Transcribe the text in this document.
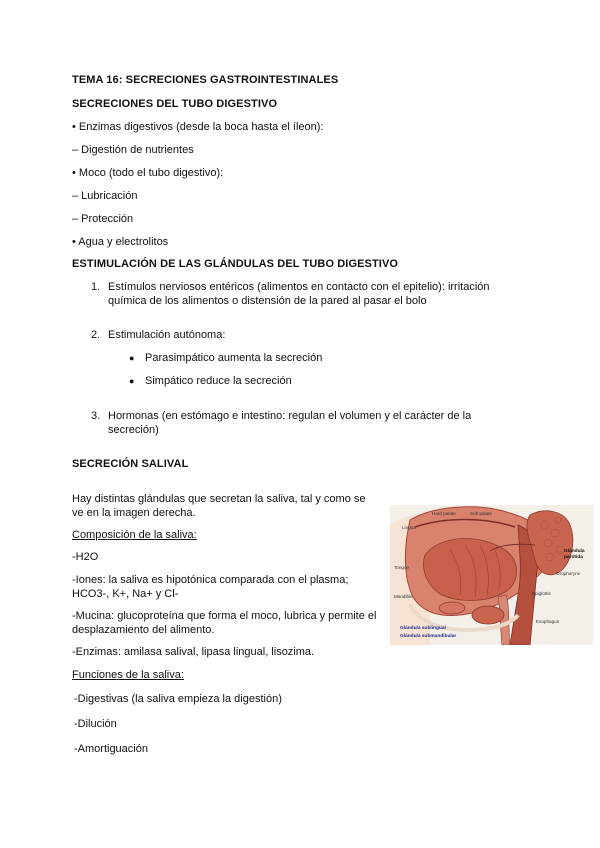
TEMA 16: SECRECIONES GASTROINTESTINALES
SECRECIONES DEL TUBO DIGESTIVO
• Enzimas digestivos (desde la boca hasta el íleon):
– Digestión de nutrientes
• Moco (todo el tubo digestivo):
– Lubricación
– Protección
• Agua y electrolitos
ESTIMULACIÓN DE LAS GLÁNDULAS DEL TUBO DIGESTIVO
1. Estímulos nerviosos entéricos (alimentos en contacto con el epitelio): irritación
química de los alimentos o distensión de la pared al pasar el bolo
2. Estimulación autónoma:
● Parasimpático aumenta la secreción
● Simpático reduce la secreción
3. Hormonas (en estómago e intestino: regulan el volumen y el carácter de la
secreción)
SECRECIÓN SALIVAL
Hay distintas glándulas que secretan la saliva, tal y como se
ve en la imagen derecha.
Composición de la saliva:
-H2O
-Iones: la saliva es hipotónica comparada con el plasma;
HCO3-, K+, Na+ y Cl-
-Mucina: glucoproteína que forma el moco, lubrica y permite el
desplazamiento del alimento.
-Enzimas: amilasa salival, lipasa lingual, lisozima.
Funciones de la saliva:
-Digestivas (la saliva empieza la digestión)
-Dilución
-Amortiguación
Hard palate	Soft palate
Lingua
Tongue
Mandible
Glándula
parótida
Oropharynx
Epiglottis
Esophagus
Glándula sublingual
Glándula submandibular
